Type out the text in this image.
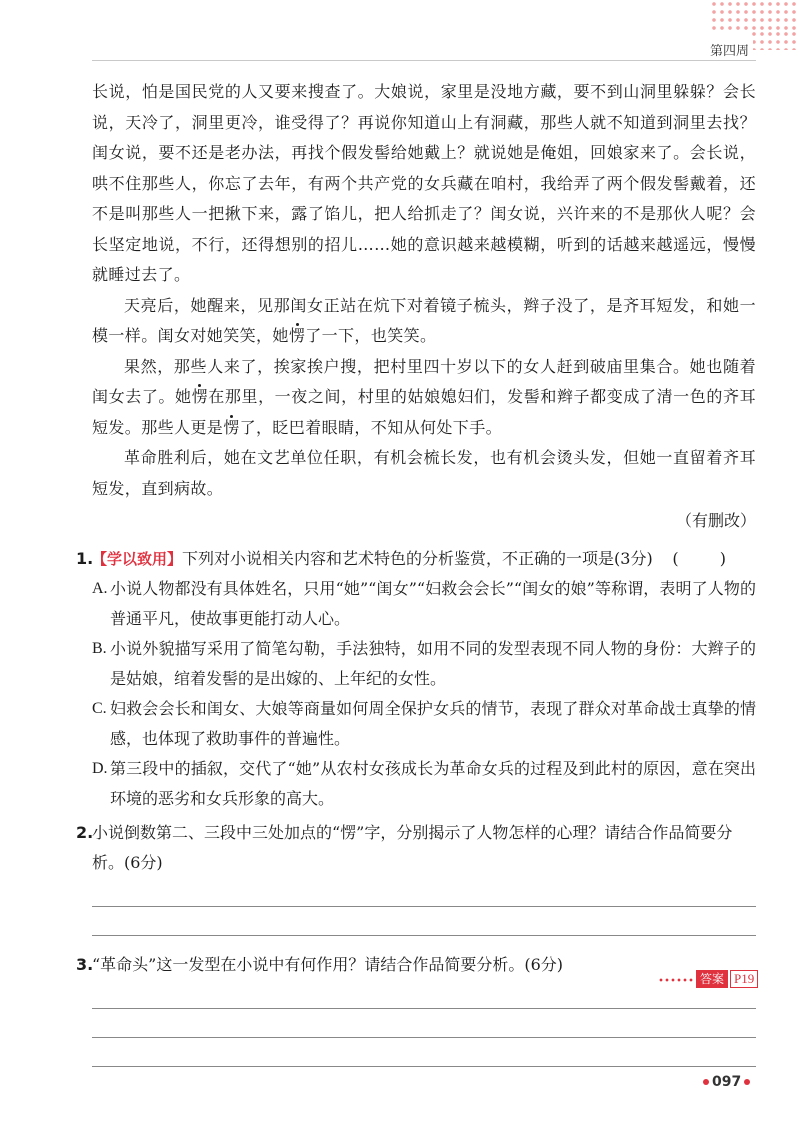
第四周

长说，怕是国民党的人又要来搜查了。大娘说，家里是没地方藏，要不到山洞里躲躲？会长说，天冷了，洞里更冷，谁受得了？再说你知道山上有洞藏，那些人就不知道到洞里去找？闺女说，要不还是老办法，再找个假发髻给她戴上？就说她是俺姐，回娘家来了。会长说，哄不住那些人，你忘了去年，有两个共产党的女兵藏在咱村，我给弄了两个假发髻戴着，还不是叫那些人一把揪下来，露了馅儿，把人给抓走了？闺女说，兴许来的不是那伙人呢？会长坚定地说，不行，还得想别的招儿……她的意识越来越模糊，听到的话越来越遥远，慢慢就睡过去了。

天亮后，她醒来，见那闺女正站在炕下对着镜子梳头，辫子没了，是齐耳短发，和她一模一样。闺女对她笑笑，她愣了一下，也笑笑。

果然，那些人来了，挨家挨户搜，把村里四十岁以下的女人赶到破庙里集合。她也随着闺女去了。她愣在那里，一夜之间，村里的姑娘媳妇们，发髻和辫子都变成了清一色的齐耳短发。那些人更是愣了，眨巴着眼睛，不知从何处下手。

革命胜利后，她在文艺单位任职，有机会梳长发，也有机会烫头发，但她一直留着齐耳短发，直到病故。

（有删改）
1.
【学以致用】下列对小说相关内容和艺术特色的分析鉴赏，不正确的一项是(3分) ( )
A. 小说人物都没有具体姓名，只用“她”“闺女”“妇救会会长”“闺女的娘”等称谓，表明了人物的普通平凡，使故事更能打动人心。
B. 小说外貌描写采用了简笔勾勒，手法独特，如用不同的发型表现不同人物的身份：大辫子的是姑娘，绾着发髻的是出嫁的、上年纪的女性。
C. 妇救会会长和闺女、大娘等商量如何周全保护女兵的情节，表现了群众对革命战士真挚的情感，也体现了救助事件的普遍性。
D. 第三段中的插叙，交代了“她”从农村女孩成长为革命女兵的过程及到此村的原因，意在突出环境的恶劣和女兵形象的高大。
2.
小说倒数第二、三段中三处加点的“愣”字，分别揭示了人物怎样的心理？请结合作品简要分析。(6分)
3.
“革命头”这一发型在小说中有何作用？请结合作品简要分析。(6分)
答案 P19
097
